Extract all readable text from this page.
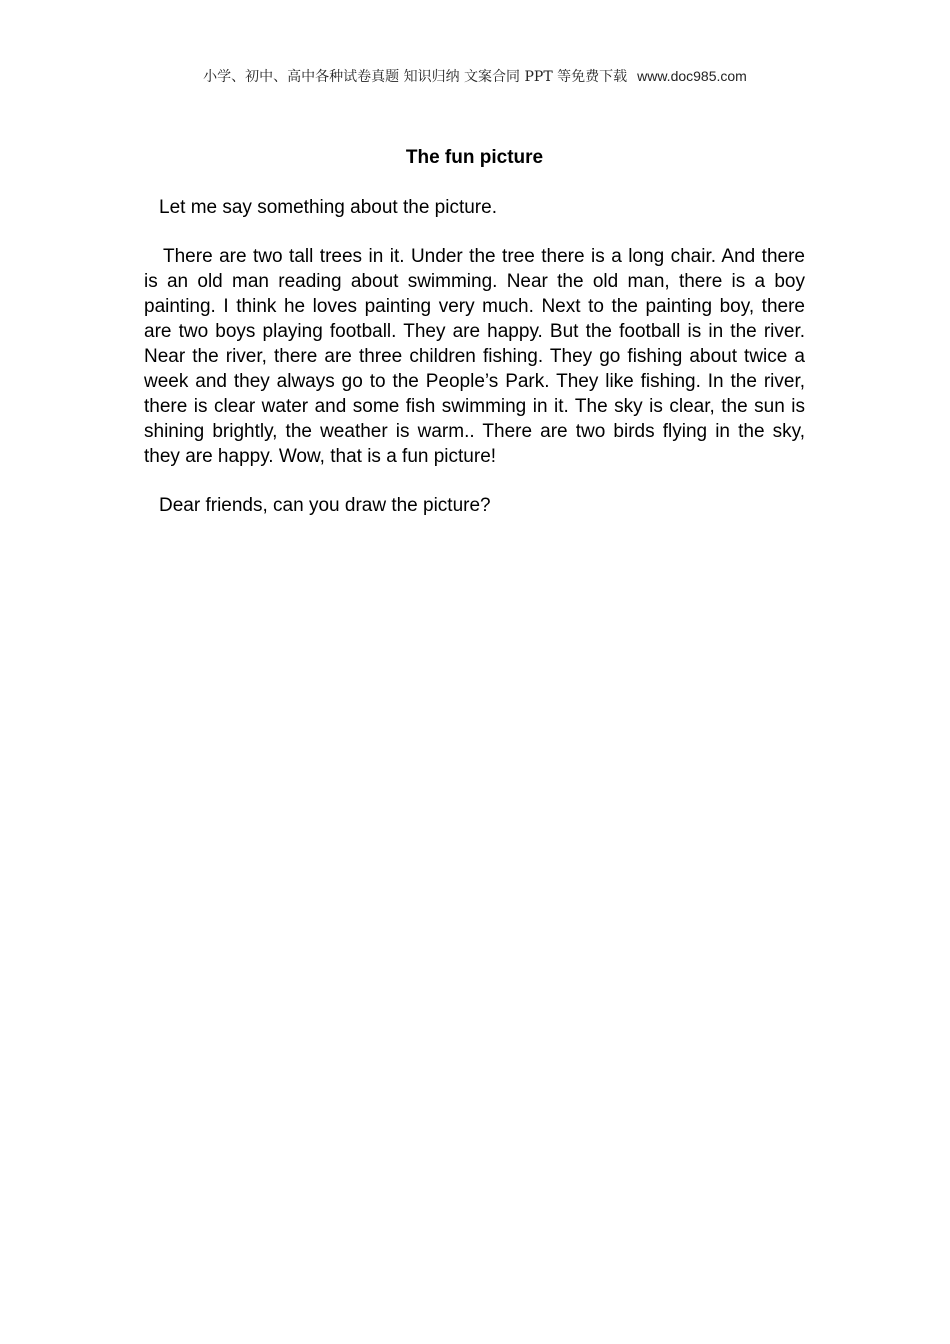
小学、初中、高中各种试卷真题 知识归纳 文案合同 PPT 等免费下载 www.doc985.com
The fun picture

Let me say something about the picture.

There are two tall trees in it. Under the tree there is a long chair. And there is an old man reading about swimming. Near the old man, there is a boy painting. I think he loves painting very much. Next to the painting boy, there are two boys playing football. They are happy. But the football is in the river. Near the river, there are three children fishing. They go fishing about twice a week and they always go to the People’s Park. They like fishing. In the river, there is clear water and some fish swimming in it. The sky is clear, the sun is shining brightly, the weather is warm.. There are two birds flying in the sky, they are happy. Wow, that is a fun picture!

Dear friends, can you draw the picture?
